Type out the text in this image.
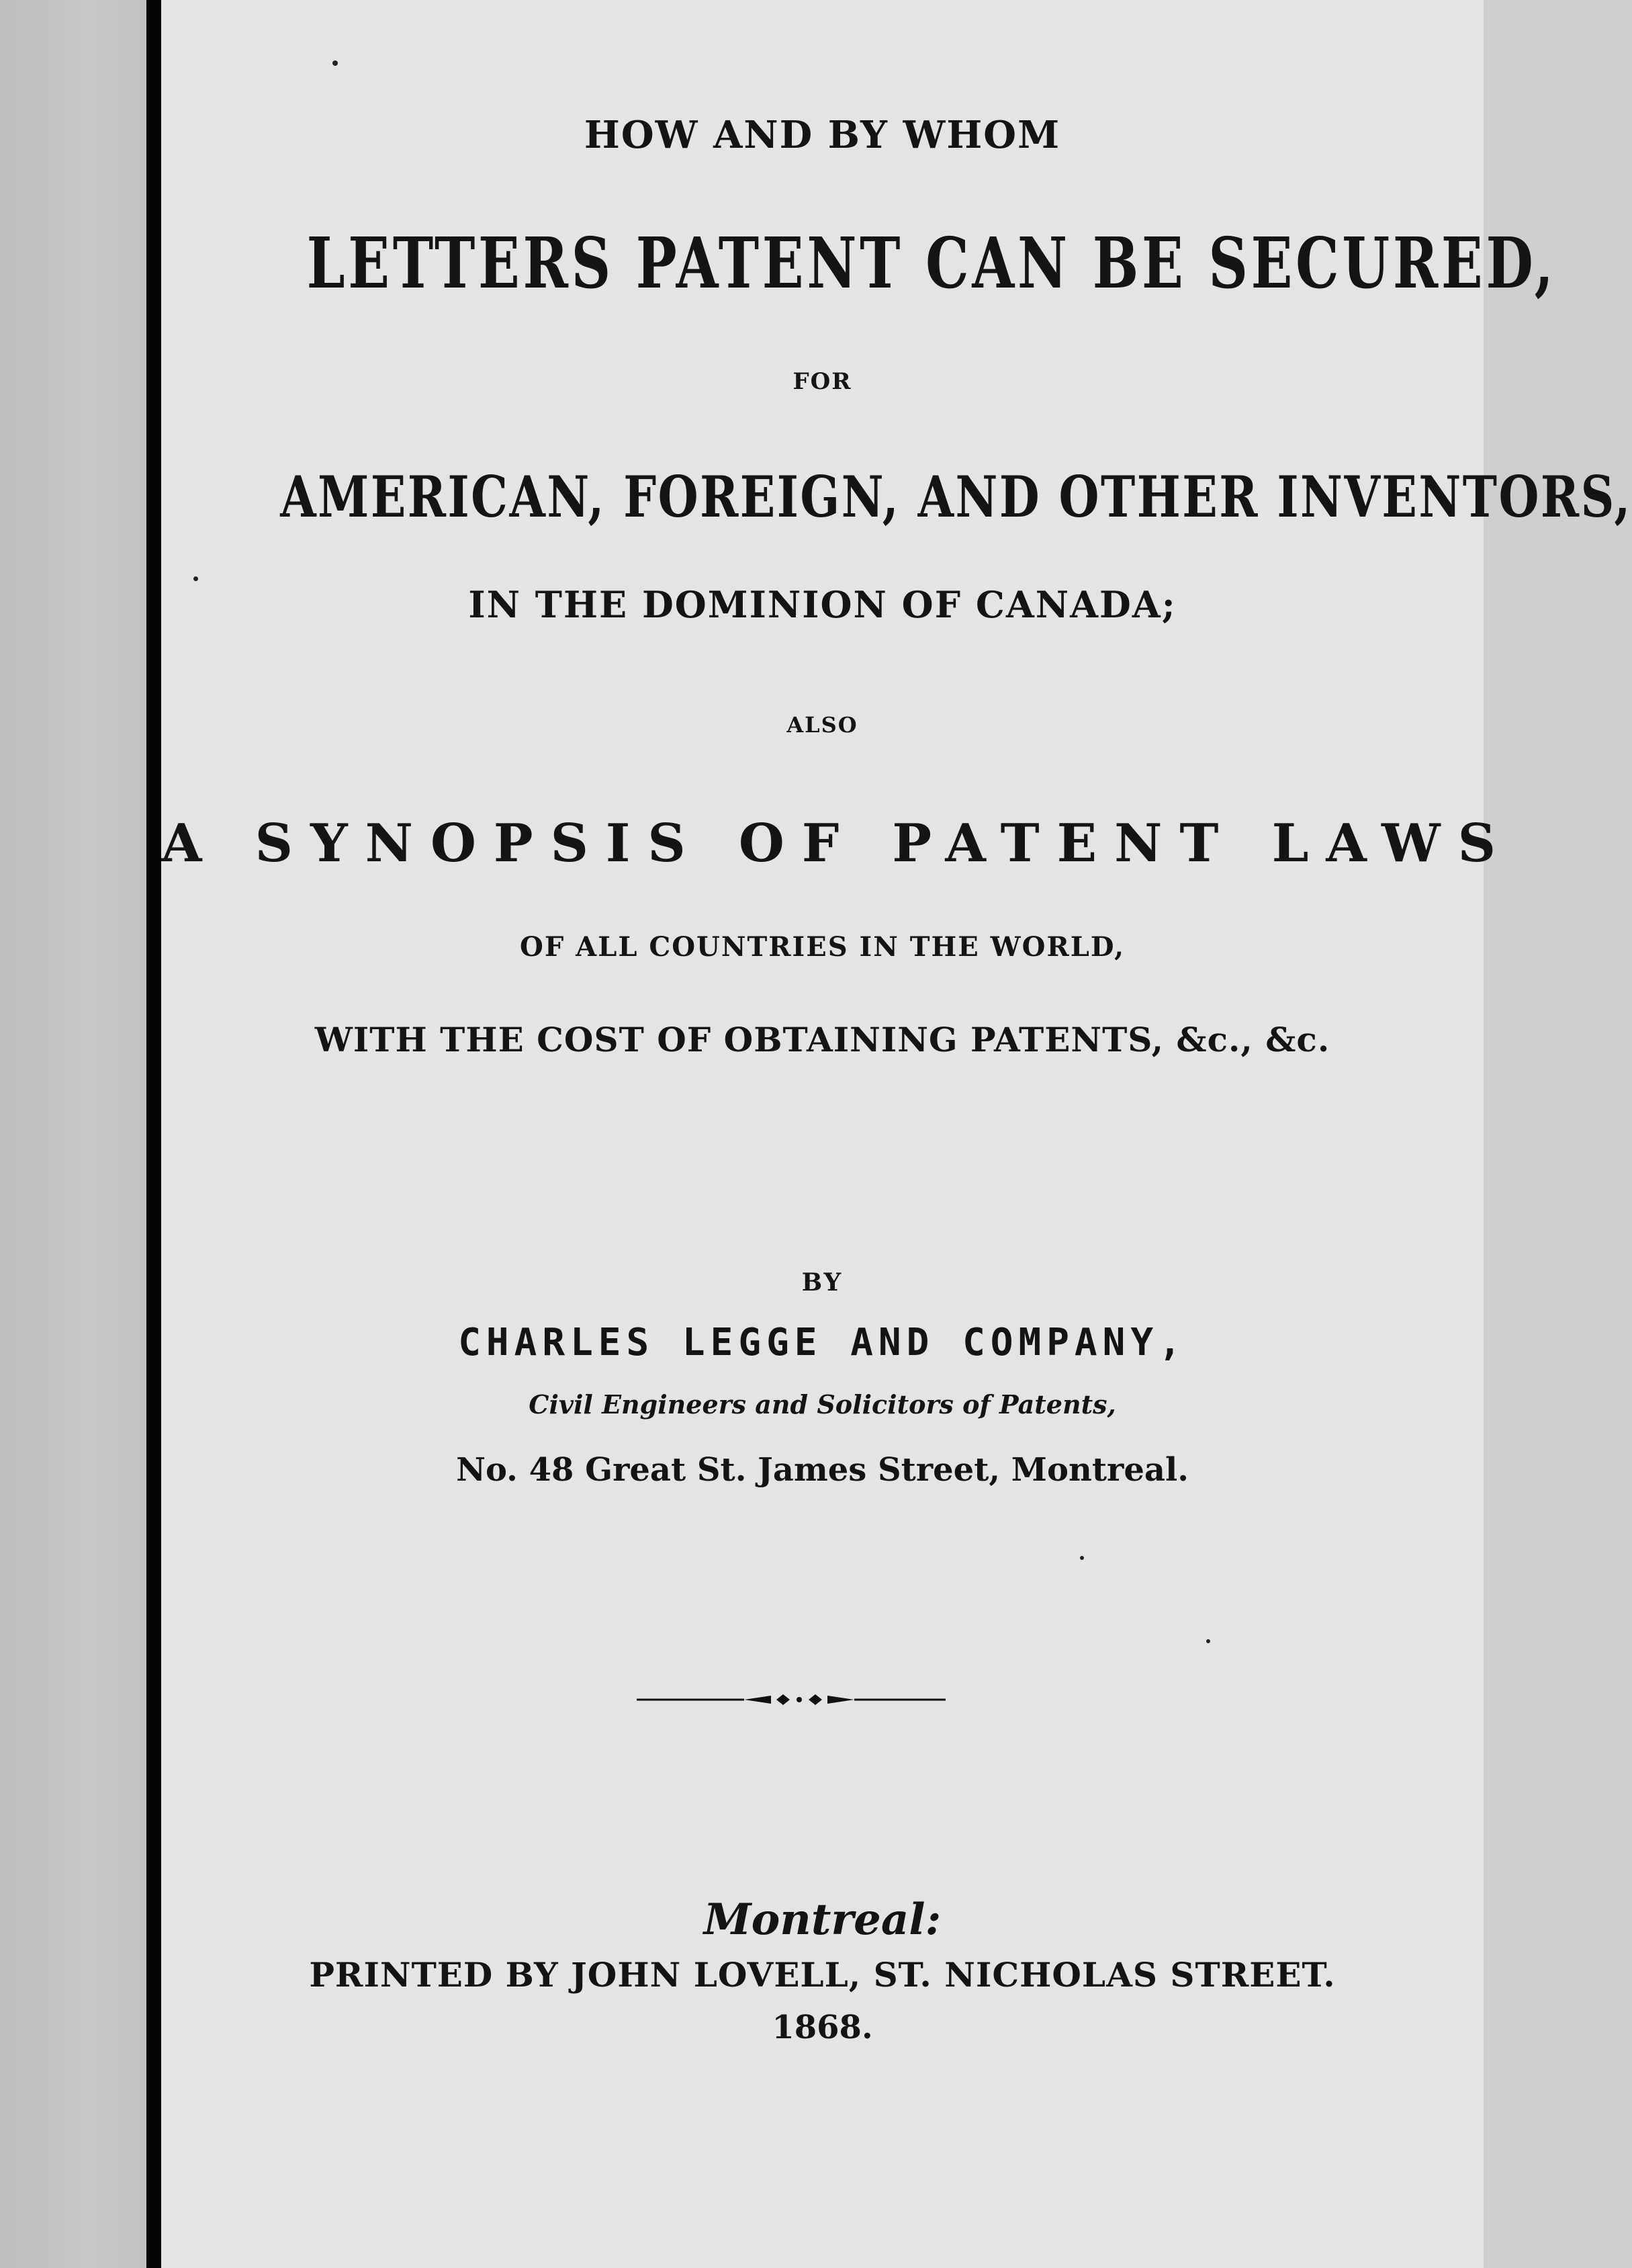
HOW AND BY WHOM
LETTERS PATENT CAN BE SECURED,
FOR
AMERICAN, FOREIGN, AND OTHER INVENTORS,
IN THE DOMINION OF CANADA;
ALSO
A SYNOPSIS OF PATENT LAWS
OF ALL COUNTRIES IN THE WORLD,
WITH THE COST OF OBTAINING PATENTS, &c., &c.
BY
CHARLES LEGGE AND COMPANY,
Civil Engineers and Solicitors of Patents,
No. 48 Great St. James Street, Montreal.
Montreal:
PRINTED BY JOHN LOVELL, ST. NICHOLAS STREET.
1868.
